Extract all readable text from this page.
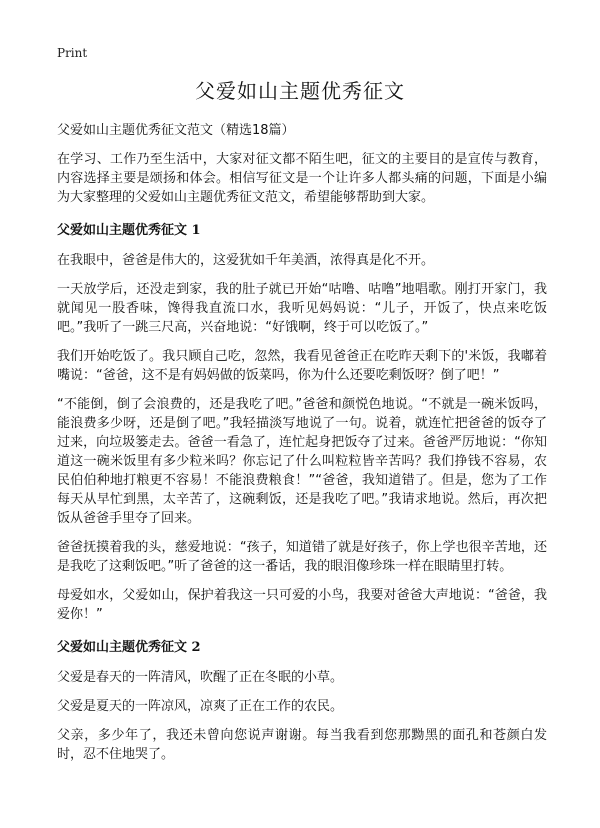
Print
父爱如山主题优秀征文

父爱如山主题优秀征文范文（精选18篇）

在学习、工作乃至生活中，大家对征文都不陌生吧，征文的主要目的是宣传与教育，内容选择主要是颂扬和体会。相信写征文是一个让许多人都头痛的问题，下面是小编为大家整理的父爱如山主题优秀征文范文，希望能够帮助到大家。

父爱如山主题优秀征文 1

在我眼中，爸爸是伟大的，这爱犹如千年美酒，浓得真是化不开。

一天放学后，还没走到家，我的肚子就已开始“咕噜、咕噜”地唱歌。刚打开家门，我就闻见一股香味，馋得我直流口水，我听见妈妈说：“儿子，开饭了，快点来吃饭吧。”我听了一跳三尺高，兴奋地说：“好饿啊，终于可以吃饭了。”

我们开始吃饭了。我只顾自己吃，忽然，我看见爸爸正在吃昨天剩下的'米饭，我嘟着嘴说：“爸爸，这不是有妈妈做的饭菜吗，你为什么还要吃剩饭呀？倒了吧！”

“不能倒，倒了会浪费的，还是我吃了吧。”爸爸和颜悦色地说。“不就是一碗米饭吗，能浪费多少呀，还是倒了吧。”我轻描淡写地说了一句。说着，就连忙把爸爸的饭夺了过来，向垃圾篓走去。爸爸一看急了，连忙起身把饭夺了过来。爸爸严厉地说：“你知道这一碗米饭里有多少粒米吗？你忘记了什么叫粒粒皆辛苦吗？我们挣钱不容易，农民伯伯种地打粮更不容易！不能浪费粮食！”“爸爸，我知道错了。但是，您为了工作每天从早忙到黑，太辛苦了，这碗剩饭，还是我吃了吧。”我请求地说。然后，再次把饭从爸爸手里夺了回来。

爸爸抚摸着我的头，慈爱地说：“孩子，知道错了就是好孩子，你上学也很辛苦地，还是我吃了这剩饭吧。”听了爸爸的这一番话，我的眼泪像珍珠一样在眼睛里打转。

母爱如水，父爱如山，保护着我这一只可爱的小鸟，我要对爸爸大声地说：“爸爸，我爱你！”

父爱如山主题优秀征文 2

父爱是春天的一阵清风，吹醒了正在冬眠的小草。

父爱是夏天的一阵凉风，凉爽了正在工作的农民。

父亲，多少年了，我还未曾向您说声谢谢。每当我看到您那黝黑的面孔和苍颜白发时，忍不住地哭了。
